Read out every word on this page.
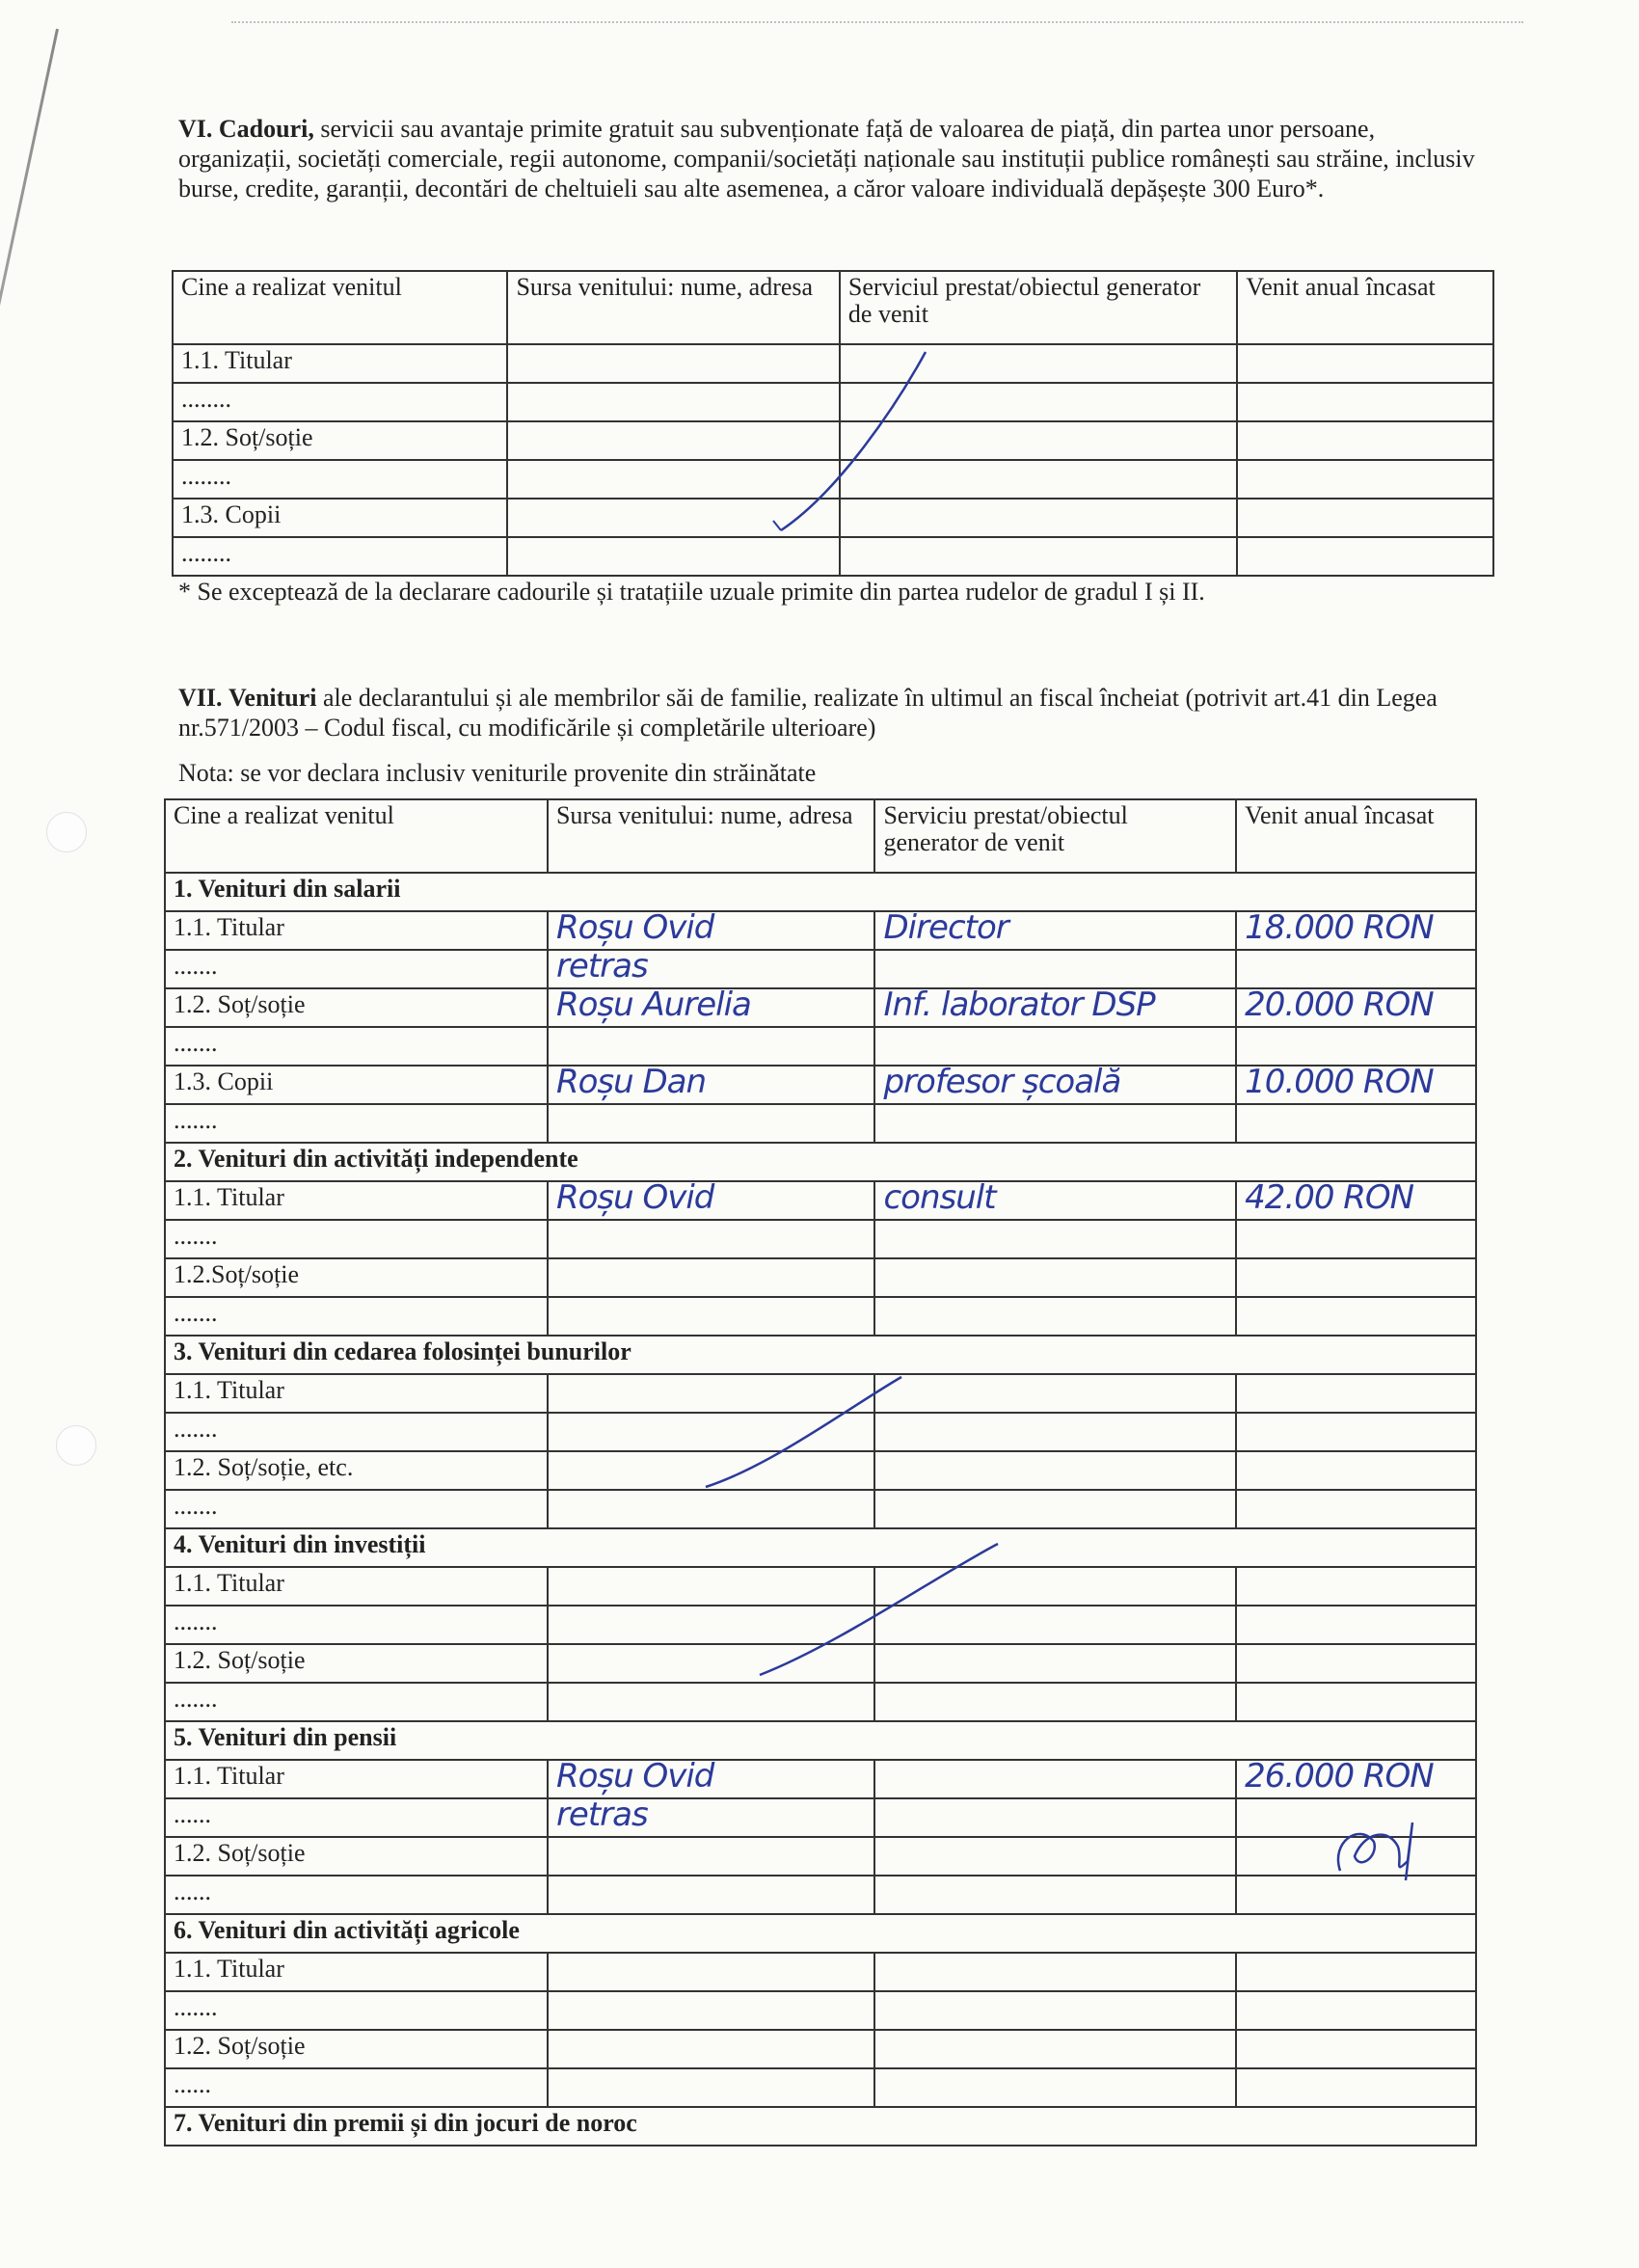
VI. Cadouri, servicii sau avantaje primite gratuit sau subvenționate față de valoarea de piață, din partea unor persoane, organizații, societăți comerciale, regii autonome, companii/societăți naționale sau instituții publice românești sau străine, inclusiv burse, credite, garanții, decontări de cheltuieli sau alte asemenea, a căror valoare individuală depășește 300 Euro*.
Cine a realizat venitul	Sursa venitului: nume, adresa	Serviciul prestat/obiectul generator de venit	Venit anual încasat
1.1. Titular			
........			
1.2. Soț/soție			
........			
1.3. Copii			
........			
* Se exceptează de la declarare cadourile și tratațiile uzuale primite din partea rudelor de gradul I și II.
VII. Venituri ale declarantului și ale membrilor săi de familie, realizate în ultimul an fiscal încheiat (potrivit art.41 din Legea nr.571/2003 – Codul fiscal, cu modificările și completările ulterioare)
Nota: se vor declara inclusiv veniturile provenite din străinătate
Cine a realizat venitul	Sursa venitului: nume, adresa	Serviciu prestat/obiectul generator de venit	Venit anual încasat
1. Venituri din salarii			
1.1. Titular	Roșu Ovid	Director	18.000 RON
.......	retras		
1.2. Soț/soție	Roșu Aurelia	Inf. laborator DSP	20.000 RON
.......			
1.3. Copii	Roșu Dan	profesor școală	10.000 RON
.......			
2. Venituri din activități independente			
1.1. Titular	Roșu Ovid	consult	42.00 RON
.......			
1.2.Soț/soție			
.......			
3. Venituri din cedarea folosinței bunurilor			
1.1. Titular			
.......			
1.2. Soț/soție, etc.			
.......			
4. Venituri din investiții			
1.1. Titular			
.......			
1.2. Soț/soție			
.......			
5. Venituri din pensii			
1.1. Titular	Roșu Ovid		26.000 RON
......	retras		
1.2. Soț/soție			
......			
6. Venituri din activități agricole			
1.1. Titular			
.......			
1.2. Soț/soție			
......			
7. Venituri din premii și din jocuri de noroc			
